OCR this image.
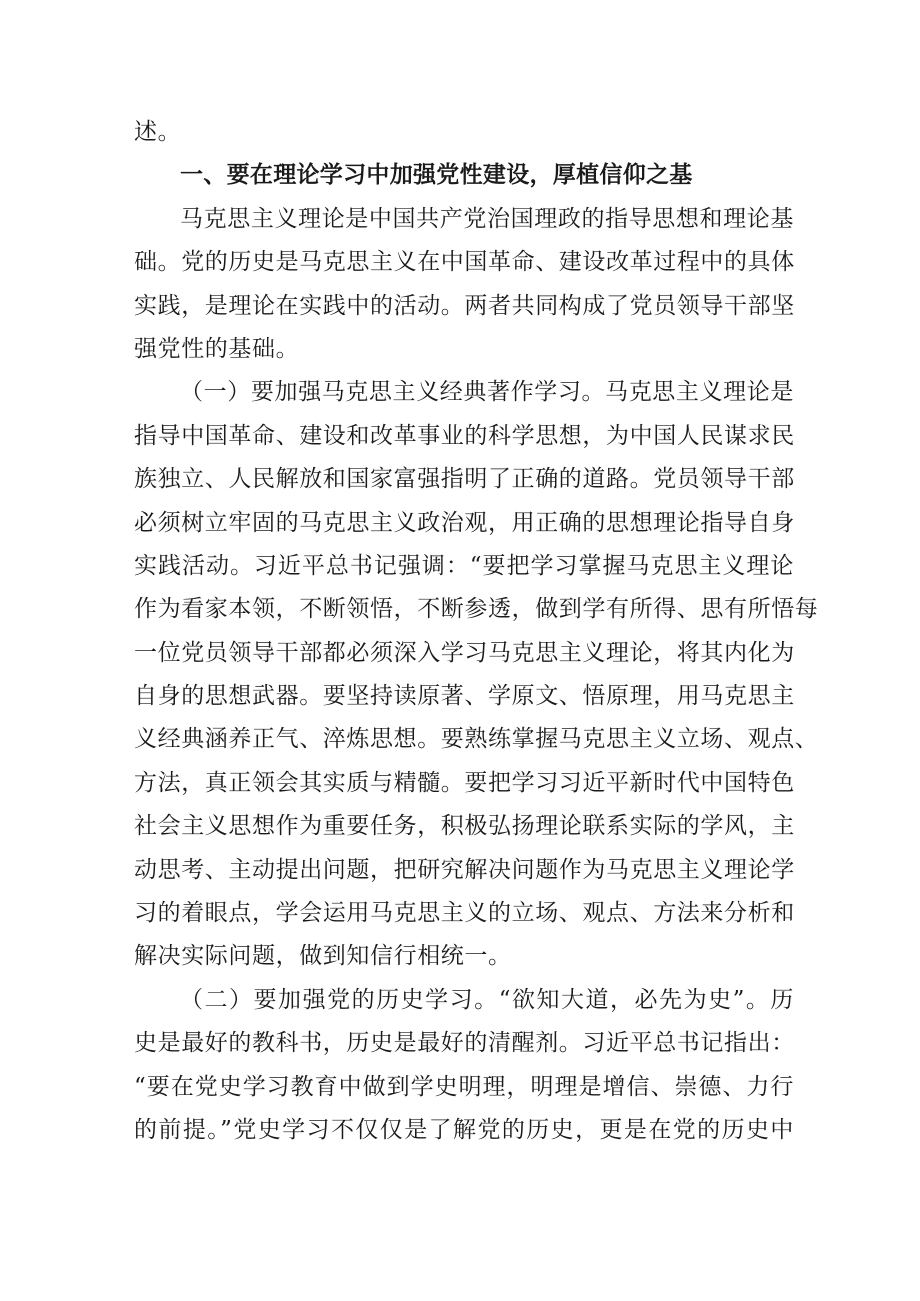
述。
一、要在理论学习中加强党性建设，厚植信仰之基
马克思主义理论是中国共产党治国理政的指导思想和理论基
础。党的历史是马克思主义在中国革命、建设改革过程中的具体
实践，是理论在实践中的活动。两者共同构成了党员领导干部坚
强党性的基础。
（一）要加强马克思主义经典著作学习。马克思主义理论是
指导中国革命、建设和改革事业的科学思想，为中国人民谋求民
族独立、人民解放和国家富强指明了正确的道路。党员领导干部
必须树立牢固的马克思主义政治观，用正确的思想理论指导自身
实践活动。习近平总书记强调：“要把学习掌握马克思主义理论
作为看家本领，不断领悟，不断参透，做到学有所得、思有所悟每
一位党员领导干部都必须深入学习马克思主义理论，将其内化为
自身的思想武器。要坚持读原著、学原文、悟原理，用马克思主
义经典涵养正气、淬炼思想。要熟练掌握马克思主义立场、观点、
方法，真正领会其实质与精髓。要把学习习近平新时代中国特色
社会主义思想作为重要任务，积极弘扬理论联系实际的学风，主
动思考、主动提出问题，把研究解决问题作为马克思主义理论学
习的着眼点，学会运用马克思主义的立场、观点、方法来分析和
解决实际问题，做到知信行相统一。
（二）要加强党的历史学习。“欲知大道，必先为史”。历
史是最好的教科书，历史是最好的清醒剂。习近平总书记指出：
“要在党史学习教育中做到学史明理，明理是增信、崇德、力行
的前提。”党史学习不仅仅是了解党的历史，更是在党的历史中
